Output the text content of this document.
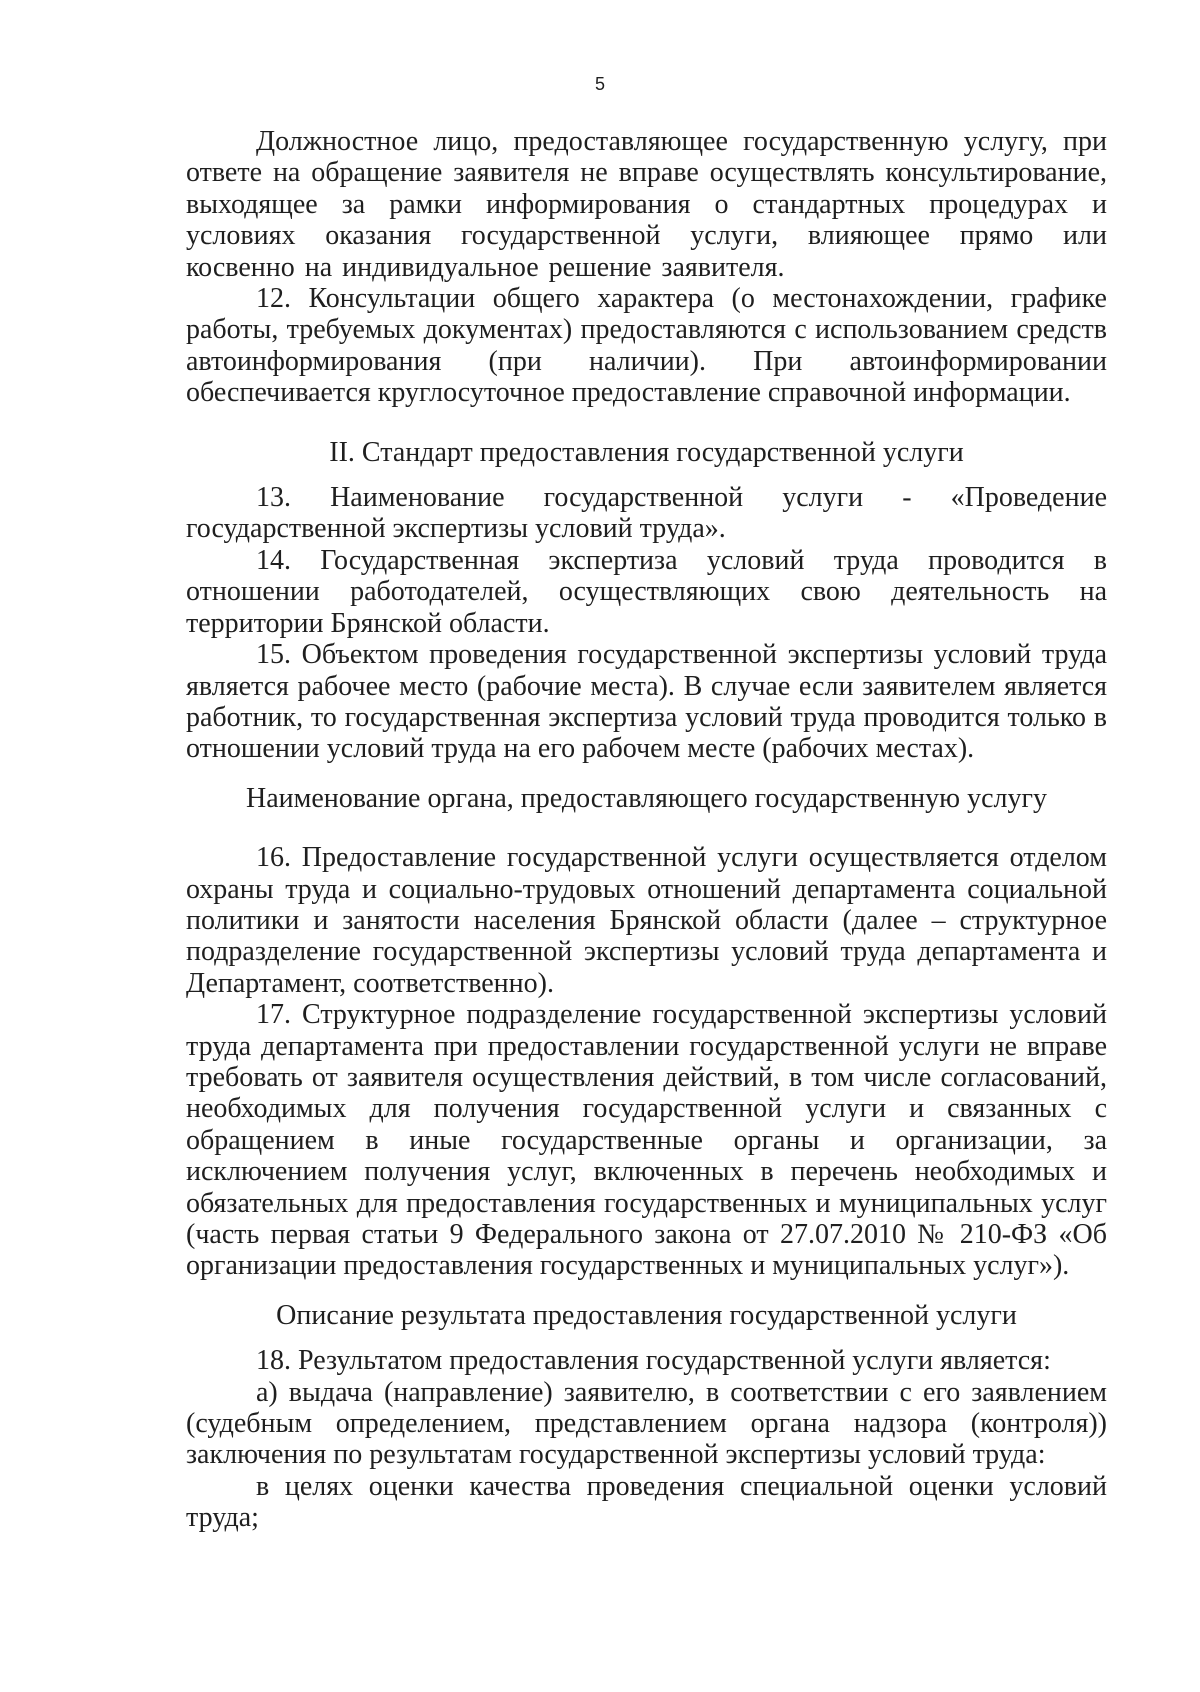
5

Должностное лицо, предоставляющее государственную услугу, при ответе на обращение заявителя не вправе осуществлять консультирование, выходящее за рамки информирования о стандартных процедурах и условиях оказания государственной услуги, влияющее прямо или косвенно на индивидуальное решение заявителя.

12. Консультации общего характера (о местонахождении, графике работы, требуемых документах) предоставляются с использованием средств автоинформирования (при наличии). При автоинформировании обеспечивается круглосуточное предоставление справочной информации.

II. Стандарт предоставления государственной услуги

13. Наименование государственной услуги - «Проведение государственной экспертизы условий труда».

14. Государственная экспертиза условий труда проводится в отношении работодателей, осуществляющих свою деятельность на территории Брянской области.

15. Объектом проведения государственной экспертизы условий труда является рабочее место (рабочие места). В случае если заявителем является работник, то государственная экспертиза условий труда проводится только в отношении условий труда на его рабочем месте (рабочих местах).

Наименование органа, предоставляющего государственную услугу

16. Предоставление государственной услуги осуществляется отделом охраны труда и социально-трудовых отношений департамента социальной политики и занятости населения Брянской области (далее – структурное подразделение государственной экспертизы условий труда департамента и Департамент, соответственно).

17. Структурное подразделение государственной экспертизы условий труда департамента при предоставлении государственной услуги не вправе требовать от заявителя осуществления действий, в том числе согласований, необходимых для получения государственной услуги и связанных с обращением в иные государственные органы и организации, за исключением получения услуг, включенных в перечень необходимых и обязательных для предоставления государственных и муниципальных услуг (часть первая статьи 9 Федерального закона от 27.07.2010 № 210-ФЗ «Об организации предоставления государственных и муниципальных услуг»).

Описание результата предоставления государственной услуги

18. Результатом предоставления государственной услуги является:

а) выдача (направление) заявителю, в соответствии с его заявлением (судебным определением, представлением органа надзора (контроля)) заключения по результатам государственной экспертизы условий труда:

в целях оценки качества проведения специальной оценки условий труда;
